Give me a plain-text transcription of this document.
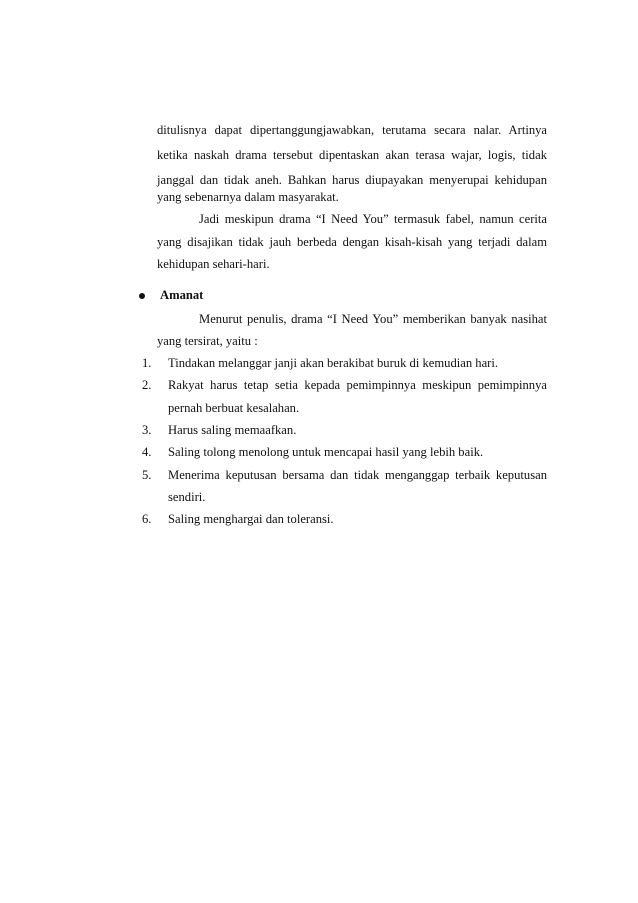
ditulisnya dapat dipertanggungjawabkan, terutama secara nalar. Artinya
ketika naskah drama tersebut dipentaskan akan terasa wajar, logis, tidak
janggal dan tidak aneh. Bahkan harus diupayakan menyerupai kehidupan
yang sebenarnya dalam masyarakat.
Jadi meskipun drama “I Need You” termasuk fabel, namun cerita
yang disajikan tidak jauh berbeda dengan kisah-kisah yang terjadi dalam
kehidupan sehari-hari.
Amanat
Menurut penulis, drama “I Need You” memberikan banyak nasihat
yang tersirat, yaitu :
1. Tindakan melanggar janji akan berakibat buruk di kemudian hari.
2. Rakyat harus tetap setia kepada pemimpinnya meskipun pemimpinnya
pernah berbuat kesalahan.
3. Harus saling memaafkan.
4. Saling tolong menolong untuk mencapai hasil yang lebih baik.
5. Menerima keputusan bersama dan tidak menganggap terbaik keputusan
sendiri.
6. Saling menghargai dan toleransi.
